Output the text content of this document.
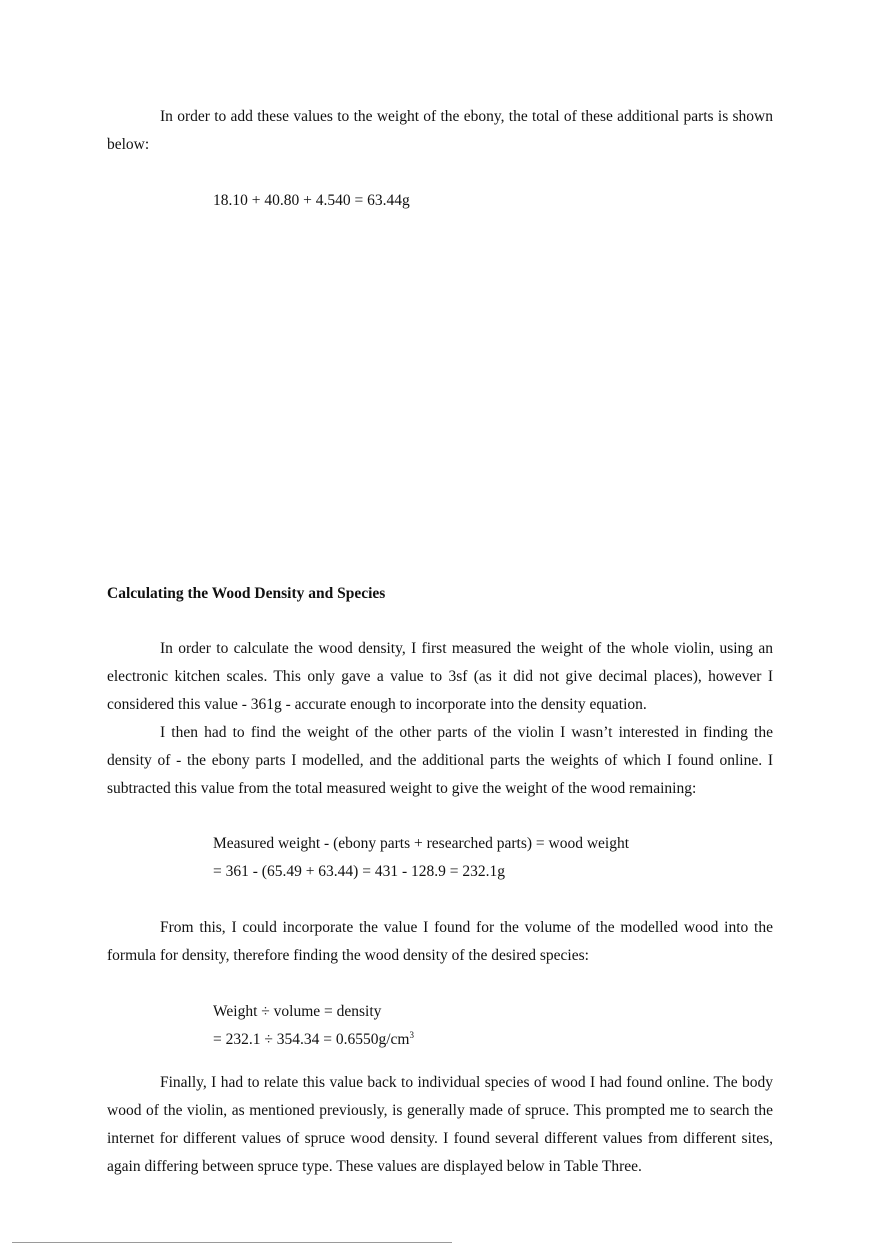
In order to add these values to the weight of the ebony, the total of these additional parts is shown below:

18.10 + 40.80 + 4.540 = 63.44g

Calculating the Wood Density and Species

In order to calculate the wood density, I first measured the weight of the whole violin, using an electronic kitchen scales. This only gave a value to 3sf (as it did not give decimal places), however I considered this value - 361g - accurate enough to incorporate into the density equation.

I then had to find the weight of the other parts of the violin I wasn’t interested in finding the density of - the ebony parts I modelled, and the additional parts the weights of which I found online. I subtracted this value from the total measured weight to give the weight of the wood remaining:

Measured weight - (ebony parts + researched parts) = wood weight

= 361 - (65.49 + 63.44) = 431 - 128.9 = 232.1g

From this, I could incorporate the value I found for the volume of the modelled wood into the formula for density, therefore finding the wood density of the desired species:

Weight ÷ volume = density

= $232.1 \div 354.34 = 0.6550g/cm^3$

Finally, I had to relate this value back to individual species of wood I had found online. The body wood of the violin, as mentioned previously, is generally made of spruce. This prompted me to search the internet for different values of spruce wood density. I found several different values from different sites, again differing between spruce type. These values are displayed below in Table Three.
